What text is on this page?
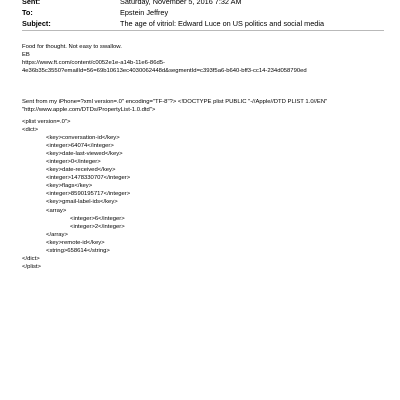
Sent:	Saturday, November 5, 2016 7:32 AM
To:	Epstein Jeffrey
Subject:	The age of vitriol: Edward Luce on US politics and social media
Food for thought. Not easy to swallow.
EB
https://www.ft.com/content/c0052e1e-a14b-11e6-86d5-
4e36b35c3550?emailId=56=69b10613ec4030062448d&segmentId=c393f5a6-b640-bff3-cc14-234d058790ed
Sent from my iPhone=?xml version=.0" encoding="TF-8"?> <!DOCTYPE plist PUBLIC "-//Apple//DTD PLIST 1.0//EN"
"http://www.apple.com/DTDs/PropertyList-1.0.dtd">
<plist version=.0">
<dict>
<key>conversation-id</key>
<integer>64074</integer>
<key>date-last-viewed</key>
<integer>0</integer>
<key>date-received</key>
<integer>1478330707</integer>
<key>flags</key>
<integer>8590195717</integer>
<key>gmail-label-ids</key>
<array>
<integer>6</integer>
<integer>2</integer>
</array>
<key>remote-id</key>
<string>658614</string>
</dict>
</plist>
